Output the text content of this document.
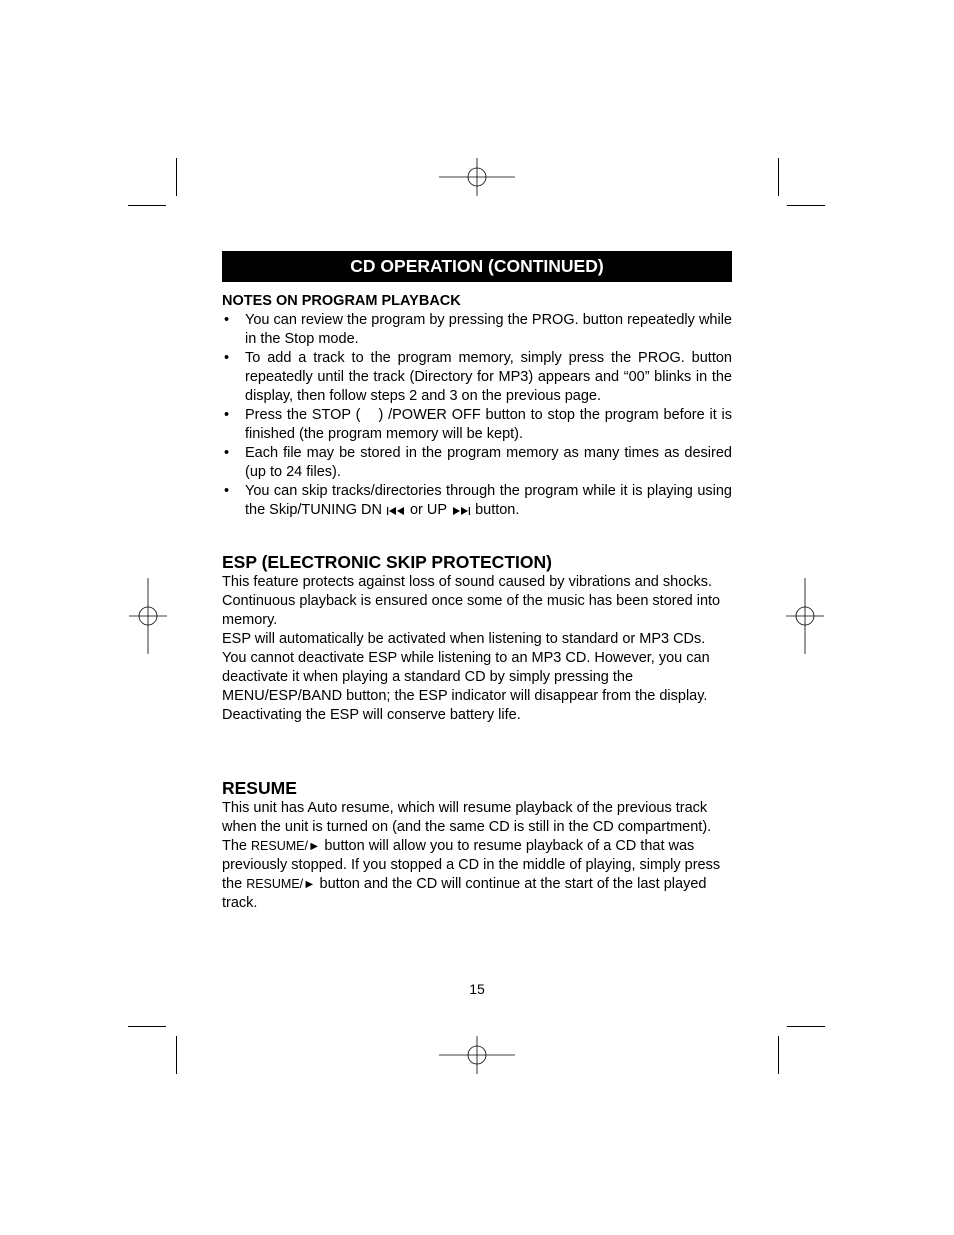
CD OPERATION (CONTINUED)
NOTES ON PROGRAM PLAYBACK
• You can review the program by pressing the PROG. button repeatedly while in the Stop mode.
• To add a track to the program memory, simply press the PROG. button repeatedly until the track (Directory for MP3) appears and “00” blinks in the display, then follow steps 2 and 3 on the previous page.
• Press the STOP ( ) /POWER OFF button to stop the program before it is finished (the program memory will be kept).
• Each file may be stored in the program memory as many times as desired (up to 24 files).
• You can skip tracks/directories through the program while it is playing using the Skip/TUNING DN or UP button.
ESP (ELECTRONIC SKIP PROTECTION)

This feature protects against loss of sound caused by vibrations and shocks. Continuous playback is ensured once some of the music has been stored into memory.

ESP will automatically be activated when listening to standard or MP3 CDs. You cannot deactivate ESP while listening to an MP3 CD. However, you can deactivate it when playing a standard CD by simply pressing the MENU/ESP/BAND button; the ESP indicator will disappear from the display. Deactivating the ESP will conserve battery life.

RESUME

This unit has Auto resume, which will resume playback of the previous track when the unit is turned on (and the same CD is still in the CD compartment).

The RESUME/► button will allow you to resume playback of a CD that was previously stopped. If you stopped a CD in the middle of playing, simply press the RESUME/► button and the CD will continue at the start of the last played track.

15
